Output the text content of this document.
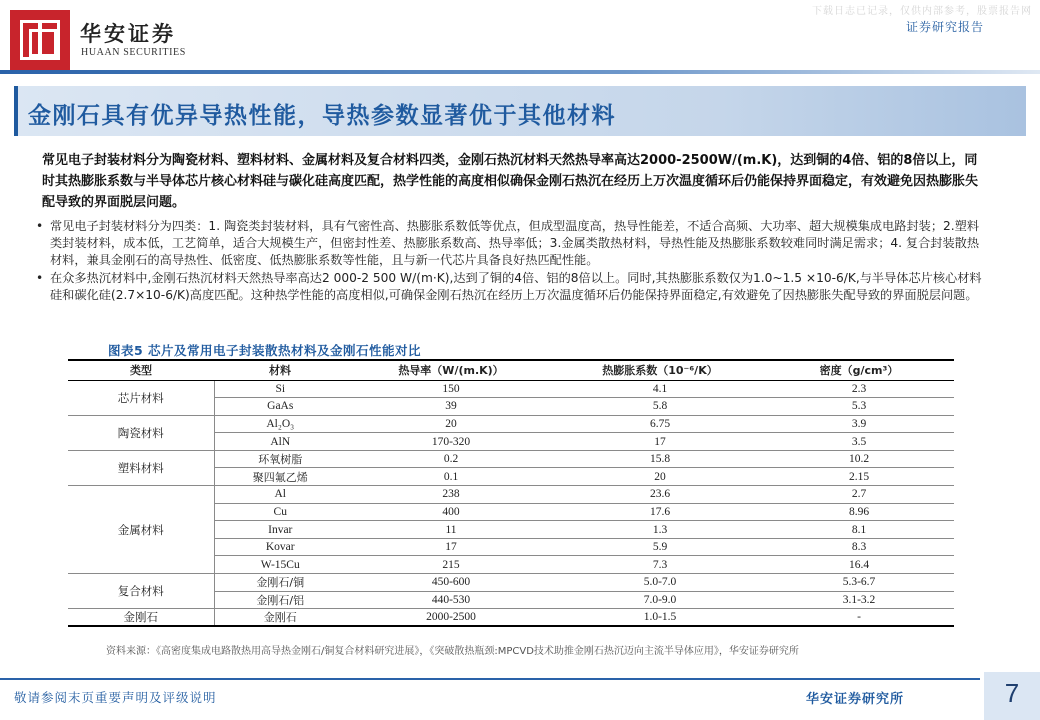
华安证券
HUAAN SECURITIES
下载日志已记录，仅供内部参考，股票报告网
证券研究报告
金刚石具有优异导热性能，导热参数显著优于其他材料
常见电子封装材料分为陶瓷材料、塑料材料、金属材料及复合材料四类，金刚石热沉材料天然热导率高达2000-2500W/(m.K)，达到铜的4倍、铝的8倍以上，同时其热膨胀系数与半导体芯片核心材料硅与碳化硅高度匹配，热学性能的高度相似确保金刚石热沉在经历上万次温度循环后仍能保持界面稳定，有效避免因热膨胀失配导致的界面脱层问题。
• 常见电子封装材料分为四类：1. 陶瓷类封装材料，具有气密性高、热膨胀系数低等优点，但成型温度高，热导性能差，不适合高频、大功率、超大规模集成电路封装；2.塑料类封装材料，成本低，工艺简单，适合大规模生产，但密封性差、热膨胀系数高、热导率低；3.金属类散热材料，导热性能及热膨胀系数较难同时满足需求；4. 复合封装散热材料，兼具金刚石的高导热性、低密度、低热膨胀系数等性能，且与新一代芯片具备良好热匹配性能。
• 在众多热沉材料中,金刚石热沉材料天然热导率高达2 000-2 500 W/(m·K),达到了铜的4倍、铝的8倍以上。同时,其热膨胀系数仅为1.0~1.5 ×10-6/K,与半导体芯片核心材料硅和碳化硅(2.7×10-6/K)高度匹配。这种热学性能的高度相似,可确保金刚石热沉在经历上万次温度循环后仍能保持界面稳定,有效避免了因热膨胀失配导致的界面脱层问题。
图表5 芯片及常用电子封装散热材料及金刚石性能对比
类型	材料	热导率（W/(m.K)）	热膨胀系数（10⁻⁶/K）	密度（g/cm³）
芯片材料	Si	150	4.1	2.3
	GaAs	39	5.8	5.3
陶瓷材料	Al₂O₃	20	6.75	3.9
	AlN	170-320	17	3.5
塑料材料	环氧树脂	0.2	15.8	10.2
	聚四氟乙烯	0.1	20	2.15
金属材料	Al	238	23.6	2.7
	Cu	400	17.6	8.96
	Invar	11	1.3	8.1
	Kovar	17	5.9	8.3
	W-15Cu	215	7.3	16.4
复合材料	金刚石/铜	450-600	5.0-7.0	5.3-6.7
	金刚石/铝	440-530	7.0-9.0	3.1-3.2
金刚石	金刚石	2000-2500	1.0-1.5	-
资料来源：《高密度集成电路散热用高导热金刚石/铜复合材料研究进展》，《突破散热瓶颈:MPCVD技术助推金刚石热沉迈向主流半导体应用》，华安证券研究所
敬请参阅末页重要声明及评级说明	华安证券研究所	7
